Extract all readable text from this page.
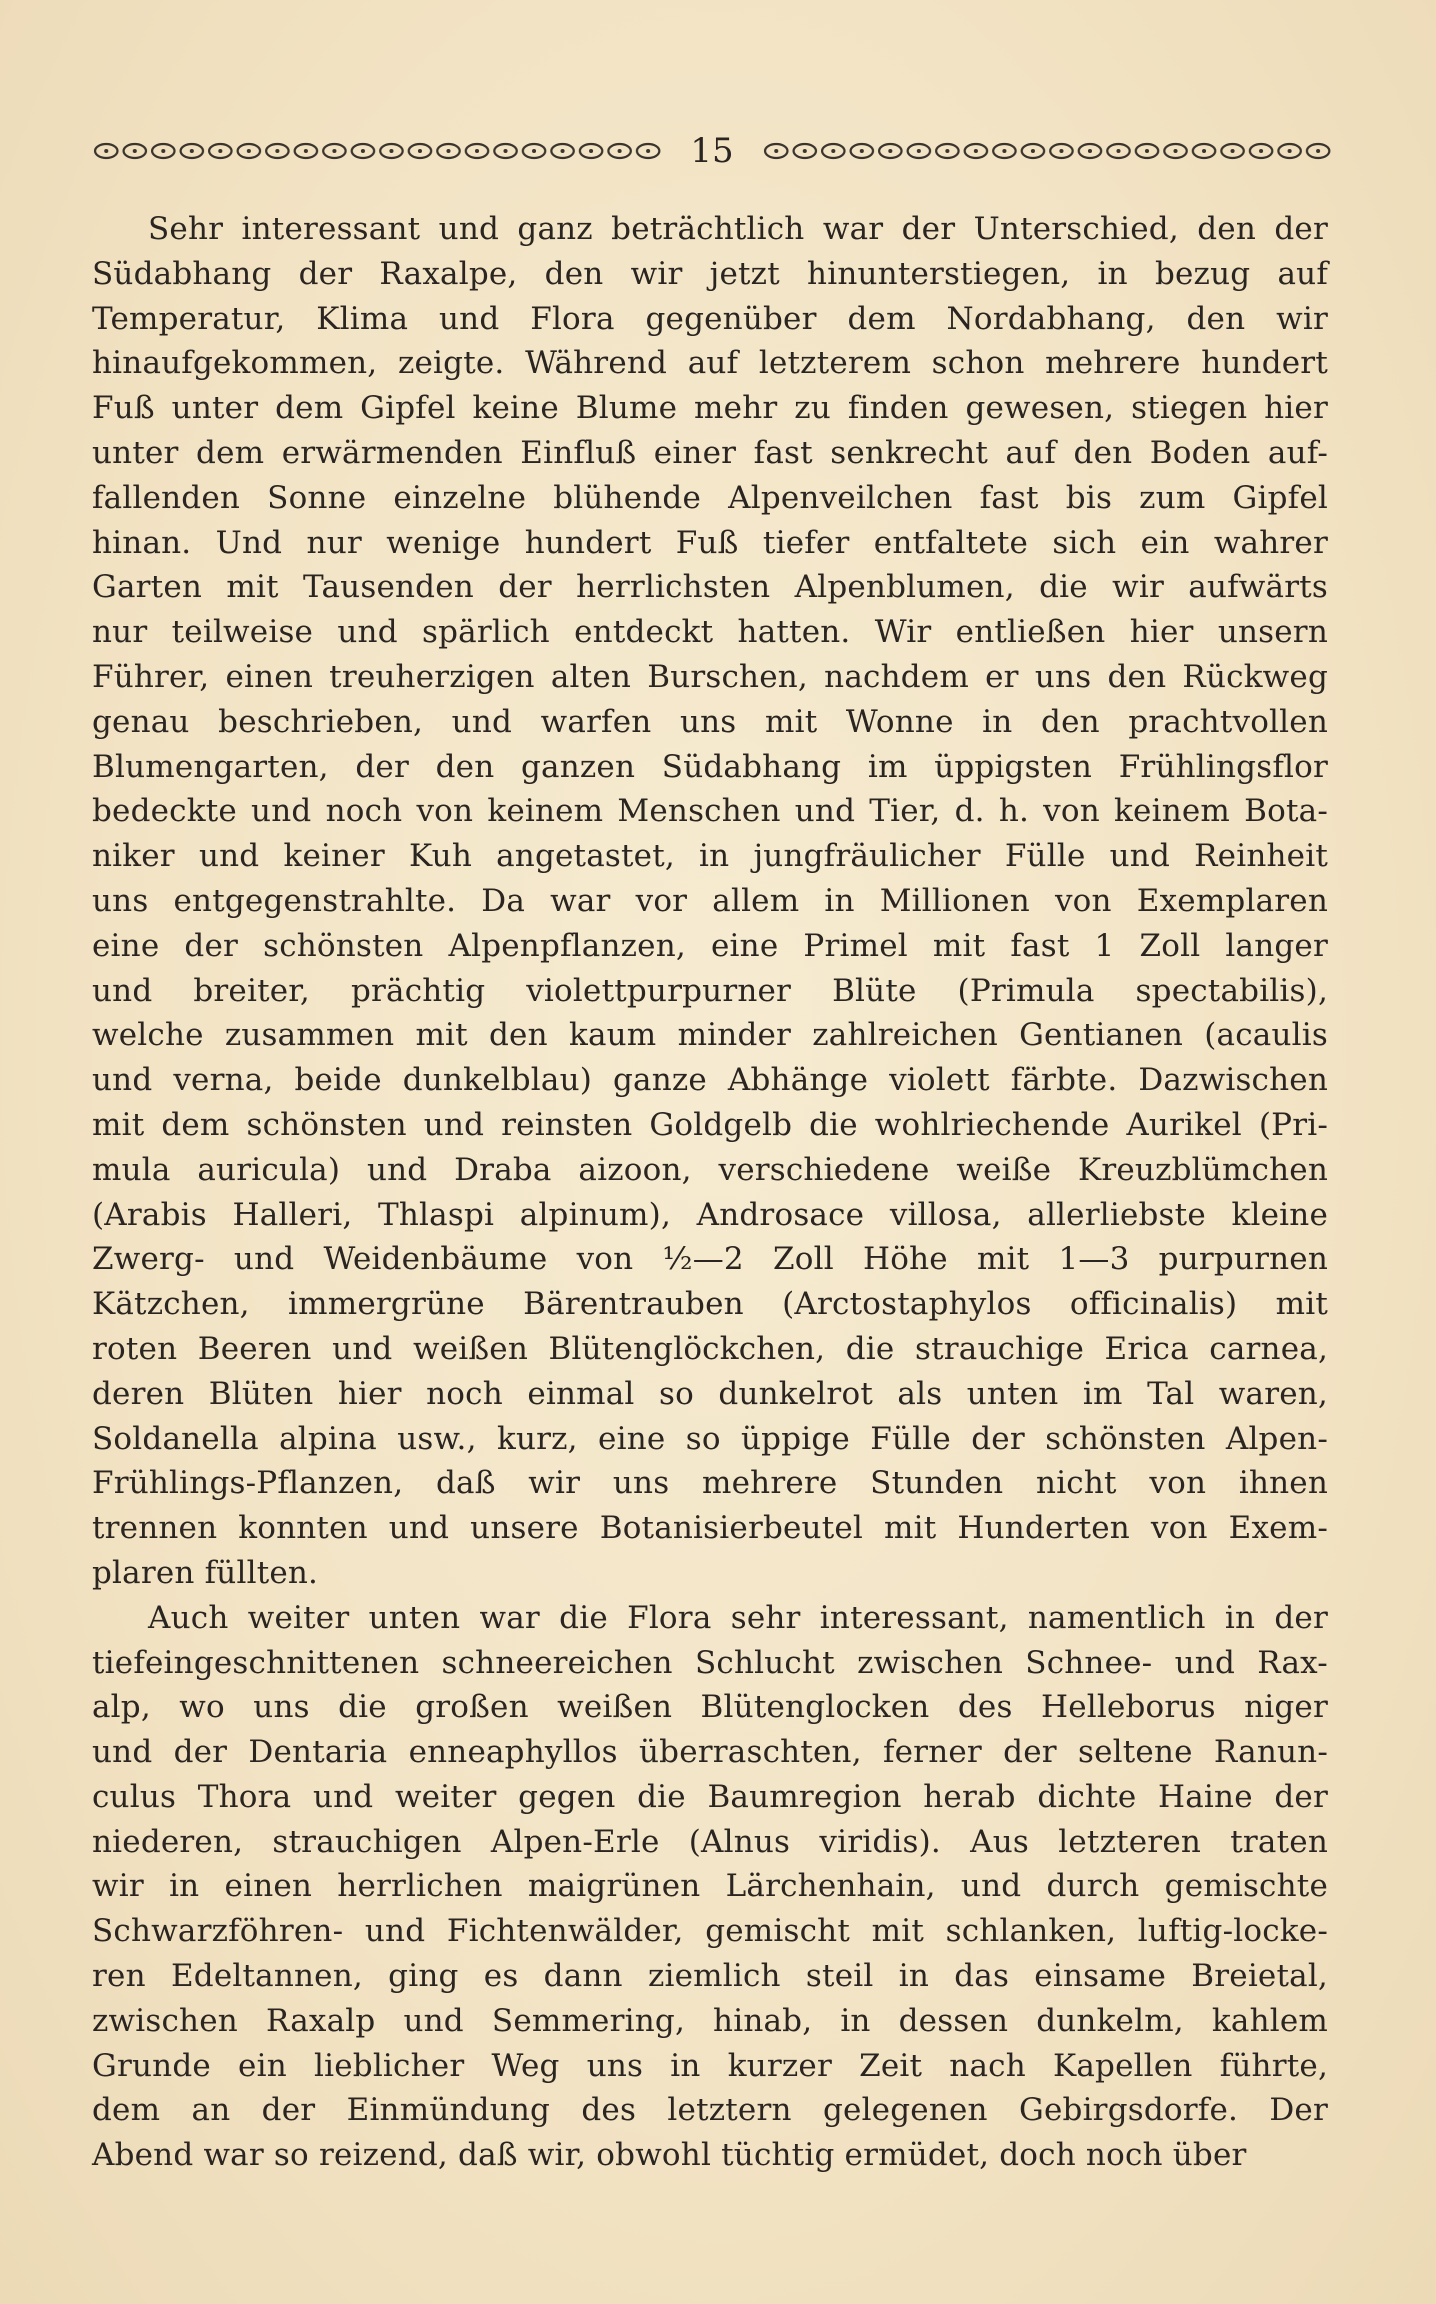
15
Sehr interessant und ganz beträchtlich war der Unterschied, den der
Südabhang der Raxalpe, den wir jetzt hinunterstiegen, in bezug auf
Temperatur, Klima und Flora gegenüber dem Nordabhang, den wir
hinaufgekommen, zeigte. Während auf letzterem schon mehrere hundert
Fuß unter dem Gipfel keine Blume mehr zu finden gewesen, stiegen hier
unter dem erwärmenden Einfluß einer fast senkrecht auf den Boden auf-
fallenden Sonne einzelne blühende Alpenveilchen fast bis zum Gipfel
hinan. Und nur wenige hundert Fuß tiefer entfaltete sich ein wahrer
Garten mit Tausenden der herrlichsten Alpenblumen, die wir aufwärts
nur teilweise und spärlich entdeckt hatten. Wir entließen hier unsern
Führer, einen treuherzigen alten Burschen, nachdem er uns den Rückweg
genau beschrieben, und warfen uns mit Wonne in den prachtvollen
Blumengarten, der den ganzen Südabhang im üppigsten Frühlingsflor
bedeckte und noch von keinem Menschen und Tier, d. h. von keinem Bota-
niker und keiner Kuh angetastet, in jungfräulicher Fülle und Reinheit
uns entgegenstrahlte. Da war vor allem in Millionen von Exemplaren
eine der schönsten Alpenpflanzen, eine Primel mit fast 1 Zoll langer
und breiter, prächtig violettpurpurner Blüte (Primula spectabilis),
welche zusammen mit den kaum minder zahlreichen Gentianen (acaulis
und verna, beide dunkelblau) ganze Abhänge violett färbte. Dazwischen
mit dem schönsten und reinsten Goldgelb die wohlriechende Aurikel (Pri-
mula auricula) und Draba aizoon, verschiedene weiße Kreuzblümchen
(Arabis Halleri, Thlaspi alpinum), Androsace villosa, allerliebste kleine
Zwerg- und Weidenbäume von ½—2 Zoll Höhe mit 1—3 purpurnen
Kätzchen, immergrüne Bärentrauben (Arctostaphylos officinalis) mit
roten Beeren und weißen Blütenglöckchen, die strauchige Erica carnea,
deren Blüten hier noch einmal so dunkelrot als unten im Tal waren,
Soldanella alpina usw., kurz, eine so üppige Fülle der schönsten Alpen-
Frühlings-Pflanzen, daß wir uns mehrere Stunden nicht von ihnen
trennen konnten und unsere Botanisierbeutel mit Hunderten von Exem-
plaren füllten.
Auch weiter unten war die Flora sehr interessant, namentlich in der
tiefeingeschnittenen schneereichen Schlucht zwischen Schnee- und Rax-
alp, wo uns die großen weißen Blütenglocken des Helleborus niger
und der Dentaria enneaphyllos überraschten, ferner der seltene Ranun-
culus Thora und weiter gegen die Baumregion herab dichte Haine der
niederen, strauchigen Alpen-Erle (Alnus viridis). Aus letzteren traten
wir in einen herrlichen maigrünen Lärchenhain, und durch gemischte
Schwarzföhren- und Fichtenwälder, gemischt mit schlanken, luftig-locke-
ren Edeltannen, ging es dann ziemlich steil in das einsame Breietal,
zwischen Raxalp und Semmering, hinab, in dessen dunkelm, kahlem
Grunde ein lieblicher Weg uns in kurzer Zeit nach Kapellen führte,
dem an der Einmündung des letztern gelegenen Gebirgsdorfe. Der
Abend war so reizend, daß wir, obwohl tüchtig ermüdet, doch noch über
